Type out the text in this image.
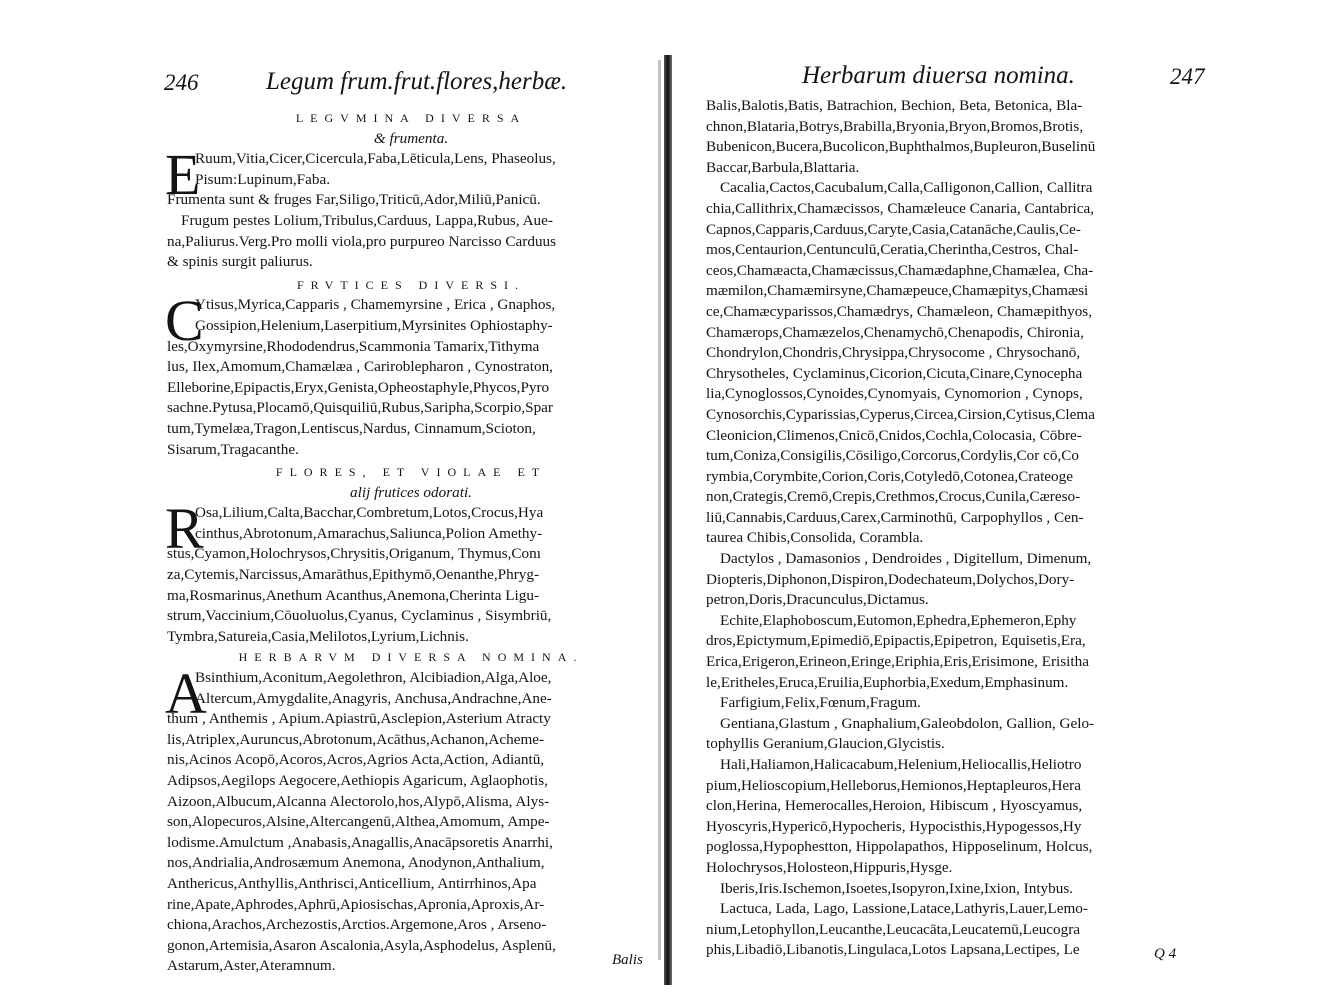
246	Legum frum.frut.flores,herbæ.
LEGVMINA DIVERSA
& frumenta.
E
Ruum,Vitia,Cicer,Cicercula,Faba,Lēticula,Lens, Phaseolus,
Pisum:Lupinum,Faba.
Frumenta sunt & fruges Far,Siligo,Triticū,Ador,Miliū,Panicū.
Frugum pestes Lolium,Tribulus,Carduus, Lappa,Rubus, Aue-
na,Paliurus.Verg.Pro molli viola,pro purpureo Narcisso Carduus
& spinis surgit paliurus.
FRVTICES DIVERSI.
C
Ytisus,Myrica,Capparis , Chamemyrsine , Erica , Gnaphos,
Gossipion,Helenium,Laserpitium,Myrsinites Ophiostaphy-
les,Oxymyrsine,Rhododendrus,Scammonia Tamarix,Tithyma
lus, Ilex,Amomum,Chamælæa , Cariroblepharon , Cynostraton,
Elleborine,Epipactis,Eryx,Genista,Opheostaphyle,Phycos,Pyro
sachne.Pytusa,Plocamō,Quisquiliū,Rubus,Saripha,Scorpio,Spar
tum,Tymelæa,Tragon,Lentiscus,Nardus, Cinnamum,Scioton,
Sisarum,Tragacanthe.
FLORES, ET VIOLAE ET
alij frutices odorati.
R
Osa,Lilium,Calta,Bacchar,Combretum,Lotos,Crocus,Hya
cinthus,Abrotonum,Amarachus,Saliunca,Polion Amethy-
stus,Cyamon,Holochrysos,Chrysitis,Origanum, Thymus,Conı
za,Cytemis,Narcissus,Amarāthus,Epithymō,Oenanthe,Phryg-
ma,Rosmarinus,Anethum Acanthus,Anemona,Cherinta Ligu-
strum,Vaccinium,Cōuoluolus,Cyanus, Cyclaminus , Sisymbriū,
Tymbra,Satureia,Casia,Melilotos,Lyrium,Lichnis.
HERBARVM DIVERSA NOMINA.
A
Bsinthium,Aconitum,Aegolethron, Alcibiadion,Alga,Aloe,
Altercum,Amygdalite,Anagyris, Anchusa,Andrachne,Ane-
thum , Anthemis , Apium.Apiastrū,Asclepion,Asterium Atracty
lis,Atriplex,Auruncus,Abrotonum,Acāthus,Achanon,Acheme-
nis,Acinos Acopō,Acoros,Acros,Agrios Acta,Action, Adiantū,
Adipsos,Aegilops Aegocere,Aethiopis Agaricum, Aglaophotis,
Aizoon,Albucum,Alcanna Alectorolo,hos,Alypō,Alisma, Alys-
son,Alopecuros,Alsine,Altercangenū,Althea,Amomum, Ampe-
lodisme.Amulctum ,Anabasis,Anagallis,Anacāpsoretis Anarrhi,
nos,Andrialia,Androsæmum Anemona, Anodynon,Anthalium,
Anthericus,Anthyllis,Anthrisci,Anticellium, Antirrhinos,Apa
rine,Apate,Aphrodes,Aphrū,Apiosischas,Apronia,Aproxis,Ar-
chiona,Arachos,Archezostis,Arctios.Argemone,Aros , Arseno-
gonon,Artemisia,Asaron Ascalonia,Asyla,Asphodelus, Asplenū,
Astarum,Aster,Ateramnum.	Balis
Herbarum diuersa nomina.	247
Balis,Balotis,Batis, Batrachion, Bechion, Beta, Betonica, Bla-
chnon,Blataria,Botrys,Brabilla,Bryonia,Bryon,Bromos,Brotis,
Bubenicon,Bucera,Bucolicon,Buphthalmos,Bupleuron,Buselinū
Baccar,Barbula,Blattaria.
Cacalia,Cactos,Cacubalum,Calla,Calligonon,Callion, Callitra
chia,Callithrix,Chamæcissos, Chamæleuce Canaria, Cantabrica,
Capnos,Capparis,Carduus,Caryte,Casia,Catanāche,Caulis,Ce-
mos,Centaurion,Centunculū,Ceratia,Cherintha,Cestros, Chal-
ceos,Chamæacta,Chamæcissus,Chamædaphne,Chamælea, Cha-
mæmilon,Chamæmirsyne,Chamæpeuce,Chamæpitys,Chamæsi
ce,Chamæcyparissos,Chamædrys, Chamæleon, Chamæpithyos,
Chamærops,Chamæzelos,Chenamychō,Chenapodis, Chironia,
Chondrylon,Chondris,Chrysippa,Chrysocome , Chrysochanō,
Chrysotheles, Cyclaminus,Cicorion,Cicuta,Cinare,Cynocepha
lia,Cynoglossos,Cynoides,Cynomyais, Cynomorion , Cynops,
Cynosorchis,Cyparissias,Cyperus,Circea,Cirsion,Cytisus,Clema
Cleonicion,Climenos,Cnicō,Cnidos,Cochla,Colocasia, Cōbre-
tum,Coniza,Consigilis,Cōsiligo,Corcorus,Cordylis,Cor cō,Co
rymbia,Corymbite,Corion,Coris,Cotyledō,Cotonea,Crateoge
non,Crategis,Cremō,Crepis,Crethmos,Crocus,Cunila,Cæreso-
liū,Cannabis,Carduus,Carex,Carminothū, Carpophyllos , Cen-
taurea Chibis,Consolida, Corambla.
Dactylos , Damasonios , Dendroides , Digitellum, Dimenum,
Diopteris,Diphonon,Dispiron,Dodechateum,Dolychos,Dory-
petron,Doris,Dracunculus,Dictamus.
Echite,Elaphoboscum,Eutomon,Ephedra,Ephemeron,Ephy
dros,Epictymum,Epimediō,Epipactis,Epipetron, Equisetis,Era,
Erica,Erigeron,Erineon,Eringe,Eriphia,Eris,Erisimone, Erisitha
le,Eritheles,Eruca,Eruilia,Euphorbia,Exedum,Emphasinum.
Farfigium,Felix,Fœnum,Fragum.
Gentiana,Glastum , Gnaphalium,Galeobdolon, Gallion, Gelo-
tophyllis Geranium,Glaucion,Glycistis.
Hali,Haliamon,Halicacabum,Helenium,Heliocallis,Heliotro
pium,Helioscopium,Helleborus,Hemionos,Heptapleuros,Hera
clon,Herina, Hemerocalles,Heroion, Hibiscum , Hyoscyamus,
Hyoscyris,Hypericō,Hypocheris, Hypocisthis,Hypogessos,Hy
poglossa,Hypophestton, Hippolapathos, Hipposelinum, Holcus,
Holochrysos,Holosteon,Hippuris,Hysge.
Iberis,Iris.Ischemon,Isoetes,Isopyron,Ixine,Ixion, Intybus.
Lactuca, Lada, Lago, Lassione,Latace,Lathyris,Lauer,Lemo-
nium,Letophyllon,Leucanthe,Leucacāta,Leucatemū,Leucogra
phis,Libadiō,Libanotis,Lingulaca,Lotos Lapsana,Lectipes, Le	Q 4
